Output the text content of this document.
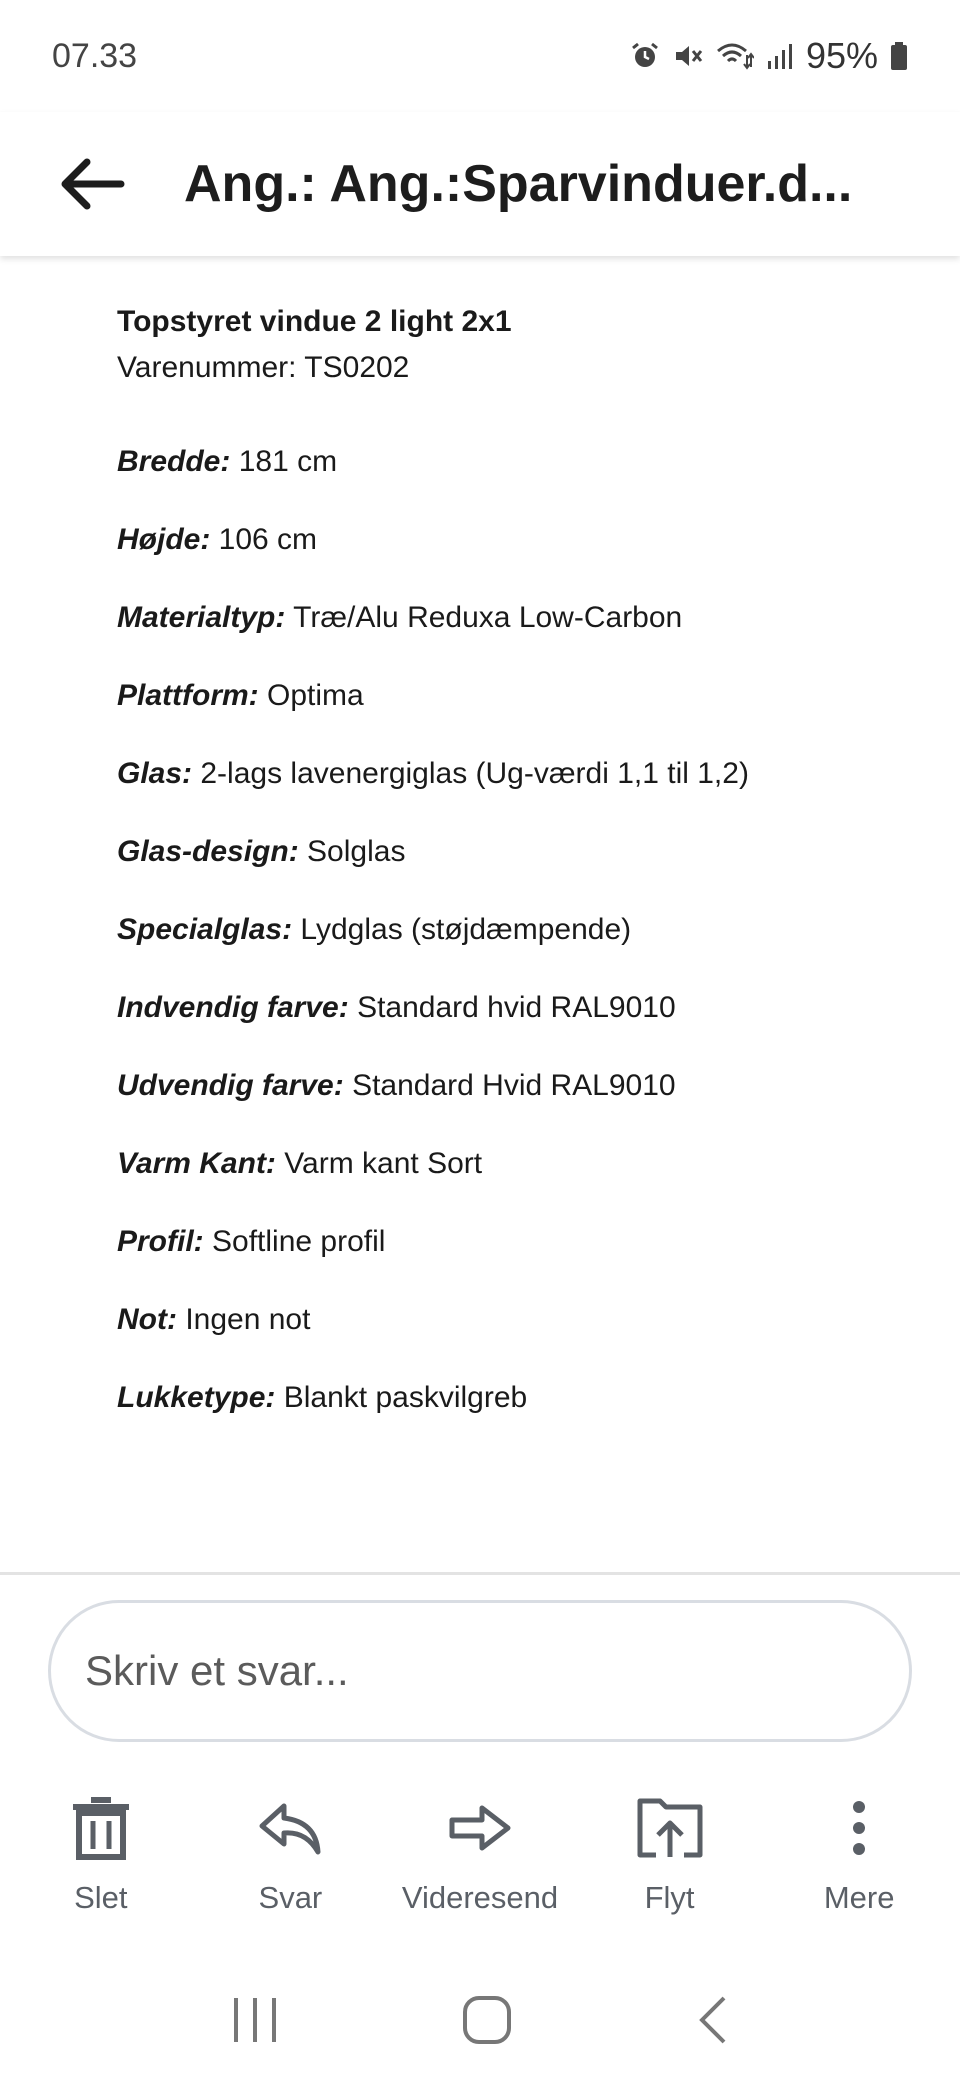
07.33	95%
Ang.: Ang.:Sparvinduer.d...
Topstyret vindue 2 light 2x1
Varenummer: TS0202
Bredde: 181 cm
Højde: 106 cm
Materialtyp: Træ/Alu Reduxa Low-Carbon
Plattform: Optima
Glas: 2-lags lavenergiglas (Ug-værdi 1,1 til 1,2)
Glas-design: Solglas
Specialglas: Lydglas (støjdæmpende)
Indvendig farve: Standard hvid RAL9010
Udvendig farve: Standard Hvid RAL9010
Varm Kant: Varm kant Sort
Profil: Softline profil
Not: Ingen not
Lukketype: Blankt paskvilgreb
Skriv et svar...
Slet	Svar	Videresend	Flyt	Mere
